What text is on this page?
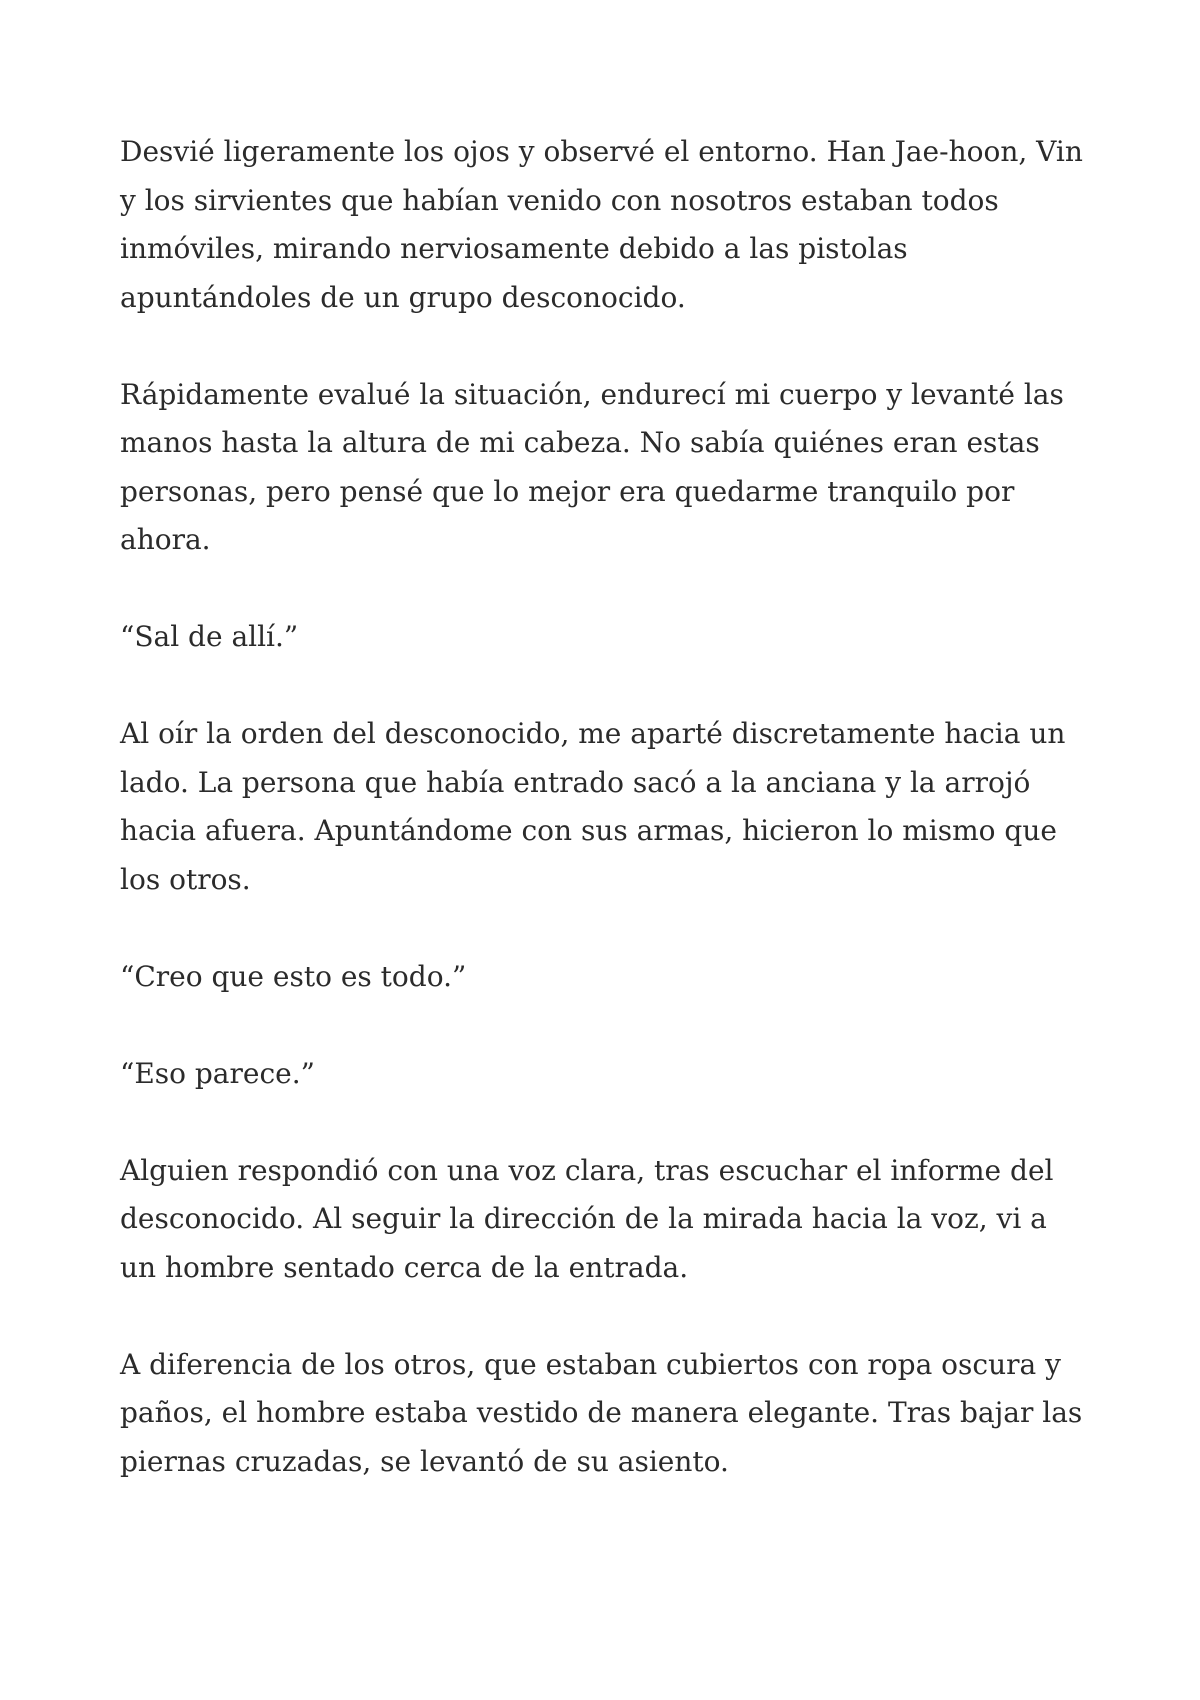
Desvié ligeramente los ojos y observé el entorno. Han Jae-hoon, Vin y los sirvientes que habían venido con nosotros estaban todos inmóviles, mirando nerviosamente debido a las pistolas apuntándoles de un grupo desconocido.

Rápidamente evalué la situación, endurecí mi cuerpo y levanté las manos hasta la altura de mi cabeza. No sabía quiénes eran estas personas, pero pensé que lo mejor era quedarme tranquilo por ahora.

“Sal de allí.”

Al oír la orden del desconocido, me aparté discretamente hacia un lado. La persona que había entrado sacó a la anciana y la arrojó hacia afuera. Apuntándome con sus armas, hicieron lo mismo que los otros.

“Creo que esto es todo.”

“Eso parece.”

Alguien respondió con una voz clara, tras escuchar el informe del desconocido. Al seguir la dirección de la mirada hacia la voz, vi a un hombre sentado cerca de la entrada.

A diferencia de los otros, que estaban cubiertos con ropa oscura y paños, el hombre estaba vestido de manera elegante. Tras bajar las piernas cruzadas, se levantó de su asiento.
